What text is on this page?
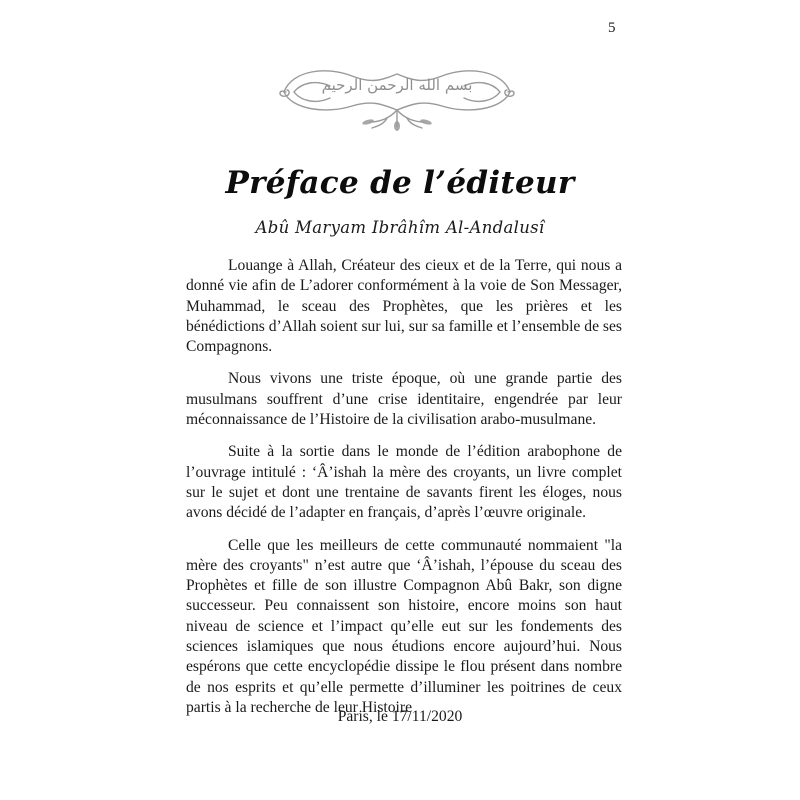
5
بسم الله الرحمن الرحيم
Préface de l’éditeur
Abû Maryam Ibrâhîm Al-Andalusî

Louange à Allah, Créateur des cieux et de la Terre, qui nous a donné vie afin de L’adorer conformément à la voie de Son Messager, Muhammad, le sceau des Prophètes, que les prières et les bénédictions d’Allah soient sur lui, sur sa famille et l’ensemble de ses Compagnons.

Nous vivons une triste époque, où une grande partie des musulmans souffrent d’une crise identitaire, engendrée par leur méconnaissance de l’Histoire de la civilisation arabo-musulmane.

Suite à la sortie dans le monde de l’édition arabophone de l’ouvrage intitulé : ‘Â’ishah la mère des croyants, un livre complet sur le sujet et dont une trentaine de savants firent les éloges, nous avons décidé de l’adapter en français, d’après l’œuvre originale.

Celle que les meilleurs de cette communauté nommaient "la mère des croyants" n’est autre que ‘Â’ishah, l’épouse du sceau des Prophètes et fille de son illustre Compagnon Abû Bakr, son digne successeur. Peu connaissent son histoire, encore moins son haut niveau de science et l’impact qu’elle eut sur les fondements des sciences islamiques que nous étudions encore aujourd’hui. Nous espérons que cette encyclopédie dissipe le flou présent dans nombre de nos esprits et qu’elle permette d’illuminer les poitrines de ceux partis à la recherche de leur Histoire

Paris, le 17/11/2020
